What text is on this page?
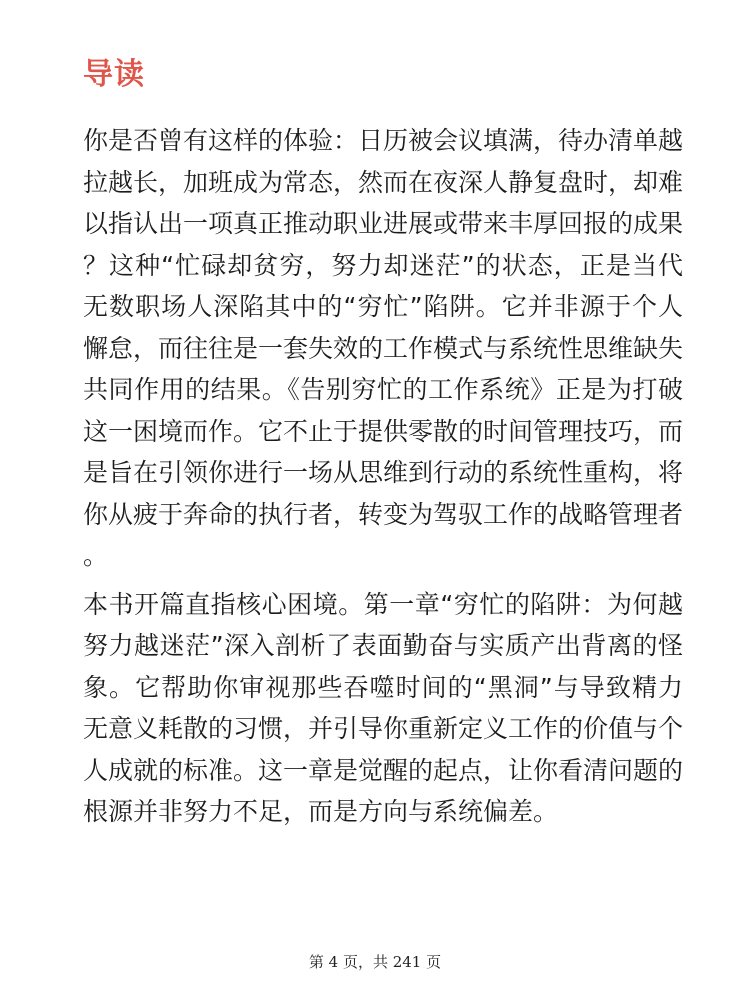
导读

你是否曾有这样的体验：日历被会议填满，待办清单越拉越长，加班成为常态，然而在夜深人静复盘时，却难以指认出一项真正推动职业进展或带来丰厚回报的成果？这种“忙碌却贫穷，努力却迷茫”的状态，正是当代无数职场人深陷其中的“穷忙”陷阱。它并非源于个人懈怠，而往往是一套失效的工作模式与系统性思维缺失共同作用的结果。《告别穷忙的工作系统》正是为打破这一困境而作。它不止于提供零散的时间管理技巧，而是旨在引领你进行一场从思维到行动的系统性重构，将你从疲于奔命的执行者，转变为驾驭工作的战略管理者。

本书开篇直指核心困境。第一章“穷忙的陷阱：为何越努力越迷茫”深入剖析了表面勤奋与实质产出背离的怪象。它帮助你审视那些吞噬时间的“黑洞”与导致精力无意义耗散的习惯，并引导你重新定义工作的价值与个人成就的标准。这一章是觉醒的起点，让你看清问题的根源并非努力不足，而是方向与系统偏差。

第 4 页，共 241 页
